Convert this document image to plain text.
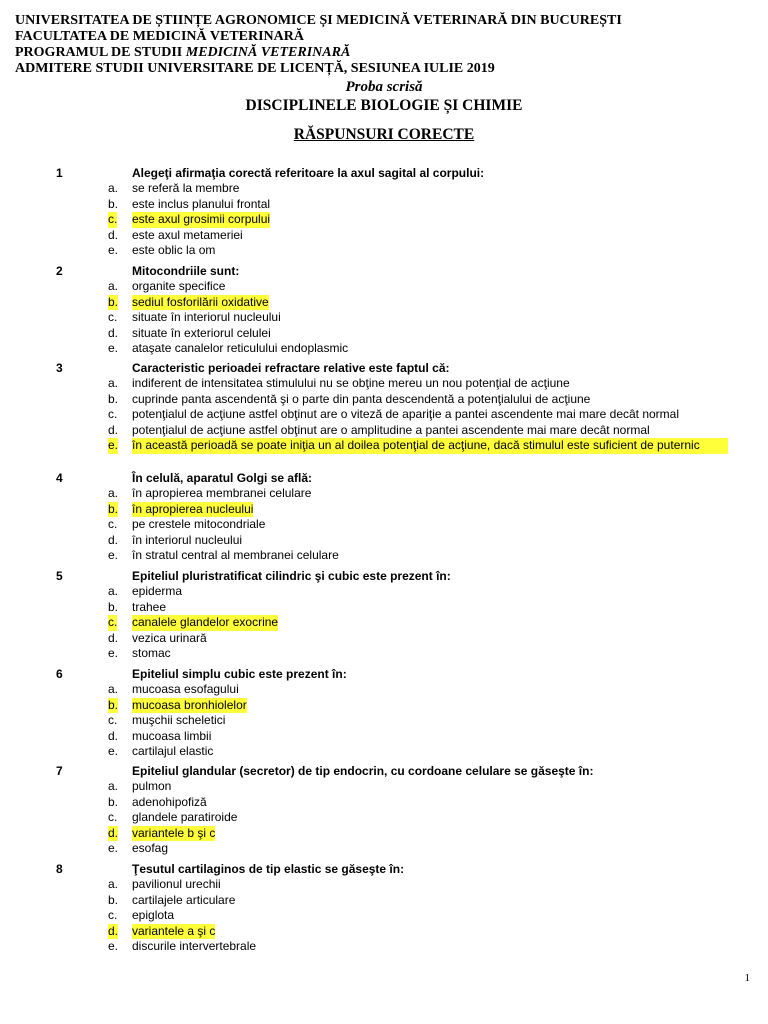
UNIVERSITATEA DE ȘTIINȚE AGRONOMICE ȘI MEDICINĂ VETERINARĂ DIN BUCUREȘTI
FACULTATEA DE MEDICINĂ VETERINARĂ
PROGRAMUL DE STUDII MEDICINĂ VETERINARĂ
ADMITERE STUDII UNIVERSITARE DE LICENȚĂ, SESIUNEA IULIE 2019
Proba scrisă
DISCIPLINELE BIOLOGIE ȘI CHIMIE
RĂSPUNSURI CORECTE
1	Alegeţi afirmaţia corectă referitoare la axul sagital al corpului:
a. se referă la membre
b. este inclus planului frontal
c. este axul grosimii corpului
d. este axul metameriei
e. este oblic la om
2	Mitocondriile sunt:
a. organite specifice
b. sediul fosforilării oxidative
c. situate în interiorul nucleului
d. situate în exteriorul celulei
e. ataşate canalelor reticulului endoplasmic
3	Caracteristic perioadei refractare relative este faptul că:
a. indiferent de intensitatea stimulului nu se obţine mereu un nou potenţial de acţiune
b. cuprinde panta ascendentă şi o parte din panta descendentă a potenţialului de acţiune
c. potenţialul de acţiune astfel obţinut are o viteză de apariţie a pantei ascendente mai mare decât normal
d. potenţialul de acţiune astfel obţinut are o amplitudine a pantei ascendente mai mare decât normal
e. în această perioadă se poate iniţia un al doilea potenţial de acţiune, dacă stimulul este suficient de puternic
4	În celulă, aparatul Golgi se află:
a. în apropierea membranei celulare
b. în apropierea nucleului
c. pe crestele mitocondriale
d. în interiorul nucleului
e. în stratul central al membranei celulare
5	Epiteliul pluristratificat cilindric şi cubic este prezent în:
a. epiderma
b. trahee
c. canalele glandelor exocrine
d. vezica urinară
e. stomac
6	Epiteliul simplu cubic este prezent în:
a. mucoasa esofagului
b. mucoasa bronhiolelor
c. muşchii scheletici
d. mucoasa limbii
e. cartilajul elastic
7	Epiteliul glandular (secretor) de tip endocrin, cu cordoane celulare se găseşte în:
a. pulmon
b. adenohipofiză
c. glandele paratiroide
d. variantele b şi c
e. esofag
8	Ţesutul cartilaginos de tip elastic se găseşte în:
a. pavilionul urechii
b. cartilajele articulare
c. epiglota
d. variantele a şi c
e. discurile intervertebrale
1
